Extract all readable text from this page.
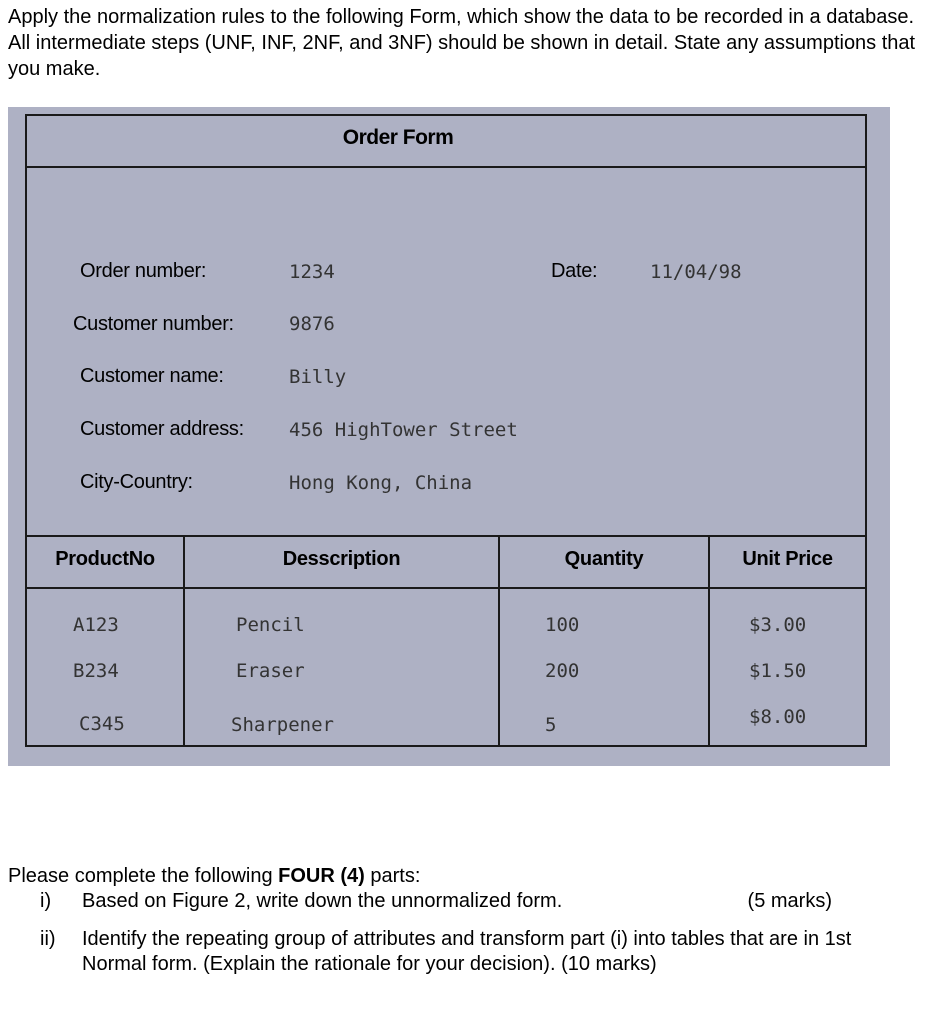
Apply the normalization rules to the following Form, which show the data to be recorded in a database. All intermediate steps (UNF, INF, 2NF, and 3NF) should be shown in detail. State any assumptions that you make.

Order Form
Order number:	1234	Date:	11/04/98
Customer number:	9876
Customer name:	Billy
Customer address: 456 HighTower Street
City-Country:	Hong Kong, China
ProductNo	Desscription	Quantity	Unit Price
A123	Pencil	100	$3.00
B234	Eraser	200	$1.50
C345	Sharpener	5	$8.00

Please complete the following FOUR (4) parts:

i) Based on Figure 2, write down the unnormalized form.	(5 marks)
ii) Identify the repeating group of attributes and transform part (i) into tables that are in 1st Normal form. (Explain the rationale for your decision). (10 marks)
